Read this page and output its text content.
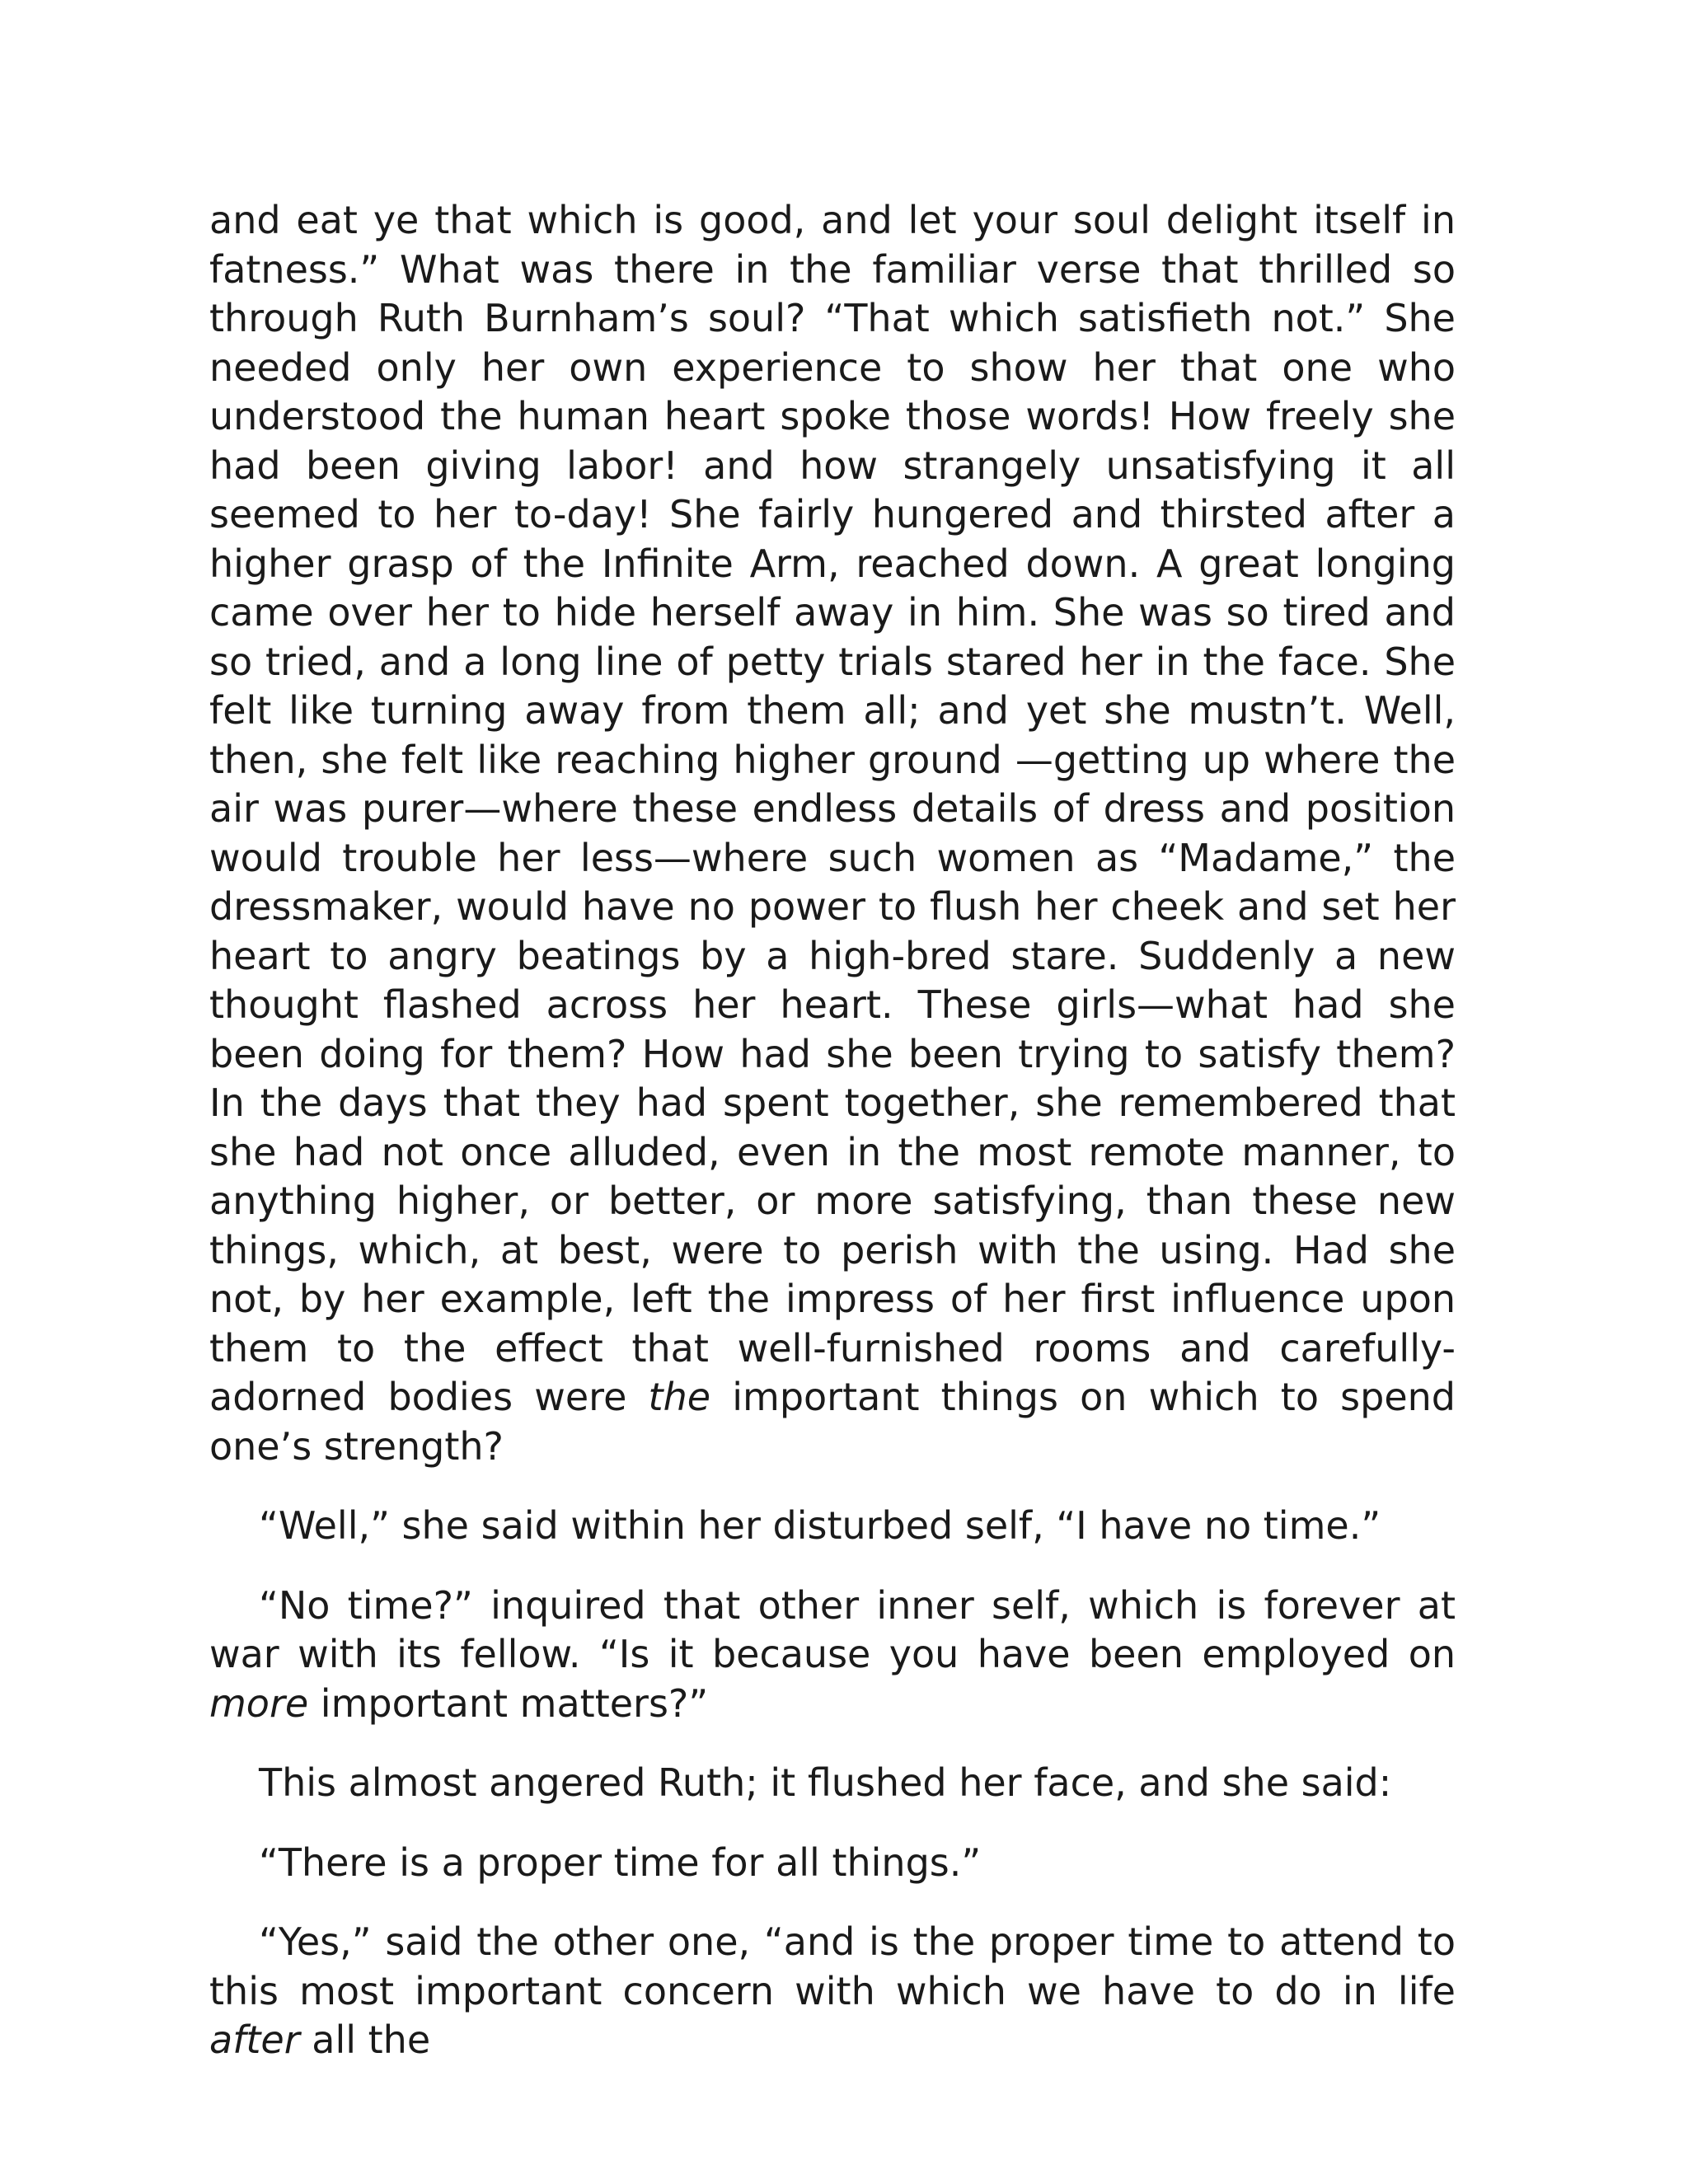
and eat ye that which is good, and let your soul delight itself in fatness.” What was there in the familiar verse that thrilled so through Ruth Burnham’s soul? “That which satisfieth not.” She needed only her own experience to show her that one who understood the human heart spoke those words! How freely she had been giving labor! and how strangely unsatisfying it all seemed to her to-day! She fairly hungered and thirsted after a higher grasp of the Infinite Arm, reached down. A great longing came over her to hide herself away in him. She was so tired and so tried, and a long line of petty trials stared her in the face. She felt like turning away from them all; and yet she mustn’t. Well, then, she felt like reaching higher ground —getting up where the air was purer—where these endless details of dress and position would trouble her less—where such women as “Madame,” the dressmaker, would have no power to flush her cheek and set her heart to angry beatings by a high-bred stare. Suddenly a new thought flashed across her heart. These girls—what had she been doing for them? How had she been trying to satisfy them? In the days that they had spent together, she remembered that she had not once alluded, even in the most remote manner, to anything higher, or better, or more satisfying, than these new things, which, at best, were to perish with the using. Had she not, by her example, left the impress of her first influence upon them to the effect that well-furnished rooms and carefully-adorned bodies were the important things on which to spend one’s strength?

“Well,” she said within her disturbed self, “I have no time.”

“No time?” inquired that other inner self, which is forever at war with its fellow. “Is it because you have been employed on more important matters?”

This almost angered Ruth; it flushed her face, and she said:

“There is a proper time for all things.”

“Yes,” said the other one, “and is the proper time to attend to this most important concern with which we have to do in life after all the
